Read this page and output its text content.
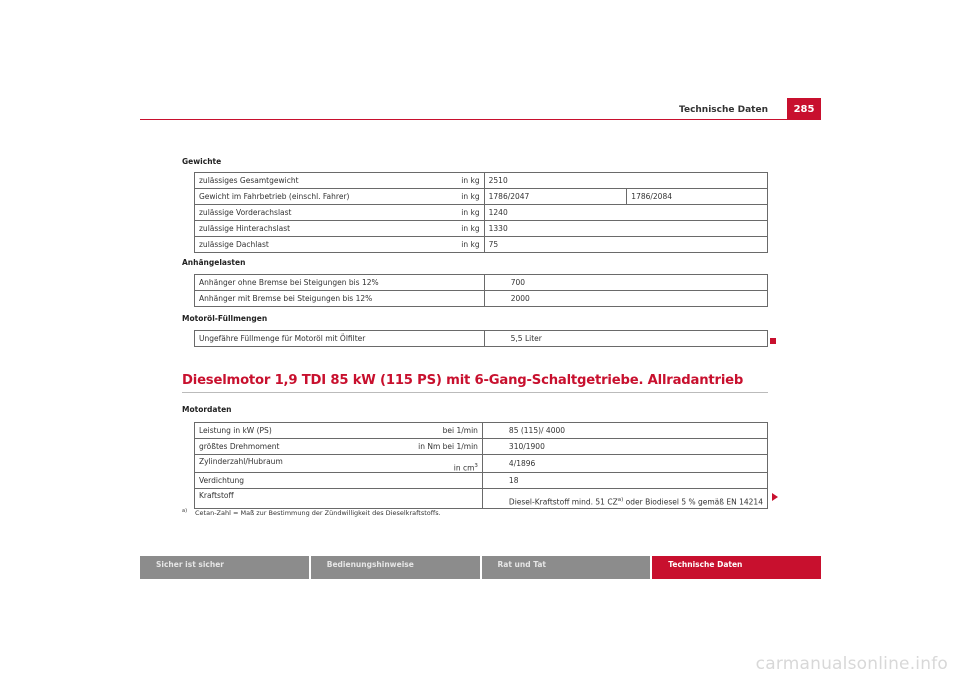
Technische Daten	285
Gewichte
zulässiges Gesamtgewicht	in kg	2510	
Gewicht im Fahrbetrieb (einschl. Fahrer)	in kg	1786/2047	1786/2084
zulässige Vorderachslast	in kg	1240	
zulässige Hinterachslast	in kg	1330	
zulässige Dachlast	in kg	75	
Anhängelasten
Anhänger ohne Bremse bei Steigungen bis 12%	700
Anhänger mit Bremse bei Steigungen bis 12%	2000
Motoröl-Füllmengen
Ungefähre Füllmenge für Motoröl mit Ölfilter	5,5 Liter
Dieselmotor 1,9 TDI 85 kW (115 PS) mit 6-Gang-Schaltgetriebe. Allradantrieb
Motordaten
Leistung in kW (PS)	bei 1/min	85 (115)/ 4000
größtes Drehmoment	in Nm bei 1/min	310/1900
Zylinderzahl/Hubraum	in $cm^3$	4/1896
Verdichtung		18
Kraftstoff		Diesel-Kraftstoff mind. 51 CZ$^{a)}$ oder Biodiesel 5 % gemäß EN 14214
$^{a)}$ Cetan-Zahl = Maß zur Bestimmung der Zündwilligkeit des Dieselkraftstoffs.
Sicher ist sicher	Bedienungshinweise	Rat und Tat	Technische Daten
carmanualsonline.info
